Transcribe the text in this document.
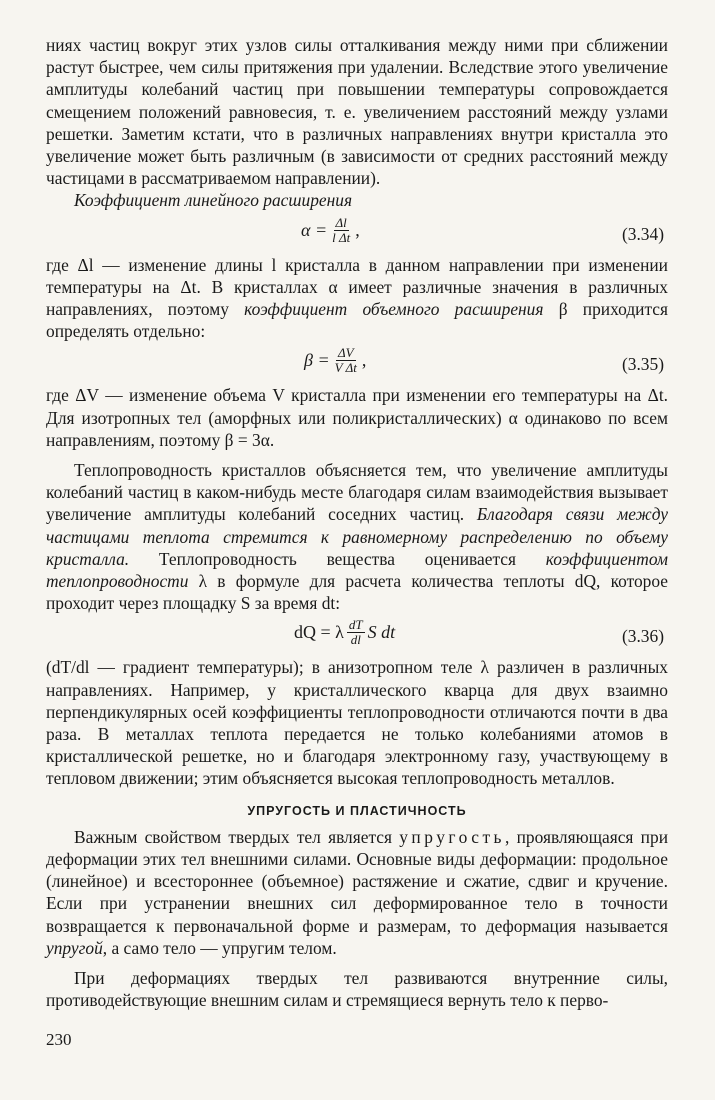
ниях частиц вокруг этих узлов силы отталкивания между ними при сближении растут быстрее, чем силы притяжения при удалении. Вследствие этого увеличение амплитуды колебаний частиц при повышении температуры сопровождается смещением положений равновесия, т. е. увеличением расстояний между узлами решетки. Заметим кстати, что в различных направлениях внутри кристалла это увеличение может быть различным (в зависимости от средних расстояний между частицами в рассматриваемом направлении).

Коэффициент линейного расширения

$\alpha = \frac{\Delta l}{\text{l Δt}}$ ,	(3.34)

где Δl — изменение длины l кристалла в данном направлении при изменении температуры на Δt. В кристаллах α имеет различные значения в различных направлениях, поэтому коэффициент объемного расширения β приходится определять отдельно:

$\beta = \frac{\Delta V}{\text{V Δt}}$ ,	(3.35)

где ΔV — изменение объема V кристалла при изменении его температуры на Δt. Для изотропных тел (аморфных или поликристаллических) α одинаково по всем направлениям, поэтому β = 3α.

Теплопроводность кристаллов объясняется тем, что увеличение амплитуды колебаний частиц в каком-нибудь месте благодаря силам взаимодействия вызывает увеличение амплитуды колебаний соседних частиц. Благодаря связи между частицами теплота стремится к равномерному распределению по объему кристалла. Теплопроводность вещества оценивается коэффициентом теплопроводности λ в формуле для расчета количества теплоты dQ, которое проходит через площадку S за время dt:

dQ = λ $\frac{dT}{dl}$ S dt	(3.36)

(dT/dl — градиент температуры); в анизотропном теле λ различен в различных направлениях. Например, у кристаллического кварца для двух взаимно перпендикулярных осей коэффициенты теплопроводности отличаются почти в два раза. В металлах теплота передается не только колебаниями атомов в кристаллической решетке, но и благодаря электронному газу, участвующему в тепловом движении; этим объясняется высокая теплопроводность металлов.

УПРУГОСТЬ И ПЛАСТИЧНОСТЬ

Важным свойством твердых тел является упругость, проявляющаяся при деформации этих тел внешними силами. Основные виды деформации: продольное (линейное) и всестороннее (объемное) растяжение и сжатие, сдвиг и кручение. Если при устранении внешних сил деформированное тело в точности возвращается к первоначальной форме и размерам, то деформация называется упругой, а само тело — упругим телом.

При деформациях твердых тел развиваются внутренние силы, противодействующие внешним силам и стремящиеся вернуть тело к перво-

230
